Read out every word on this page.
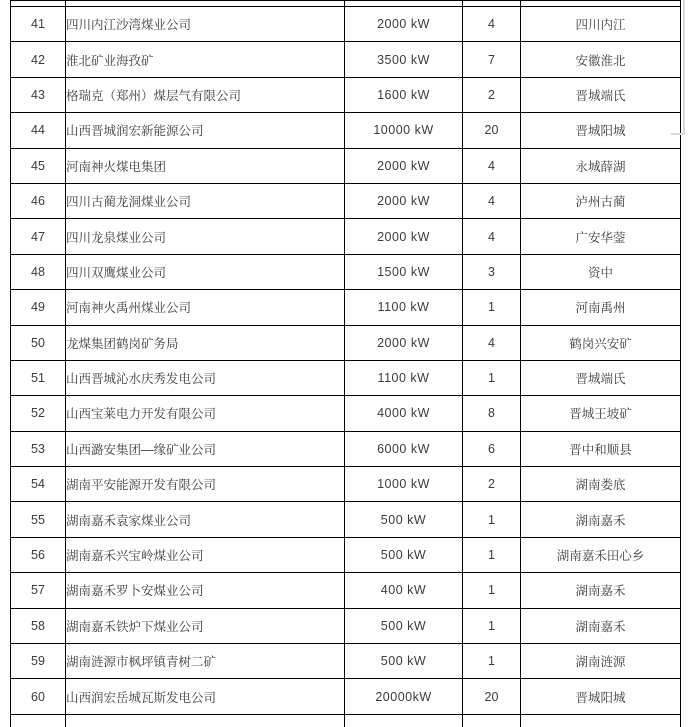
41	四川内江沙湾煤业公司	2000 kW	4	四川内江
42	淮北矿业海孜矿	3500 kW	7	安徽淮北
43	格瑞克（郑州）煤层气有限公司	1600 kW	2	晋城端氏
44	山西晋城润宏新能源公司	10000 kW	20	晋城阳城
45	河南神火煤电集团	2000 kW	4	永城薛湖
46	四川古蔺龙洞煤业公司	2000 kW	4	泸州古蔺
47	四川龙泉煤业公司	2000 kW	4	广安华蓥
48	四川双鹰煤业公司	1500 kW	3	资中
49	河南神火禹州煤业公司	1100 kW	1	河南禹州
50	龙煤集团鹤岗矿务局	2000 kW	4	鹤岗兴安矿
51	山西晋城沁水庆秀发电公司	1100 kW	1	晋城端氏
52	山西宝莱电力开发有限公司	4000 kW	8	晋城王坡矿
53	山西潞安集团—缘矿业公司	6000 kW	6	晋中和顺县
54	湖南平安能源开发有限公司	1000 kW	2	湖南娄底
55	湖南嘉禾袁家煤业公司	500 kW	1	湖南嘉禾
56	湖南嘉禾兴宝岭煤业公司	500 kW	1	湖南嘉禾田心乡
57	湖南嘉禾罗卜安煤业公司	400 kW	1	湖南嘉禾
58	湖南嘉禾铁炉下煤业公司	500 kW	1	湖南嘉禾
59	湖南涟源市枫坪镇青树二矿	500 kW	1	湖南涟源
60	山西润宏岳城瓦斯发电公司	20000kW	20	晋城阳城
